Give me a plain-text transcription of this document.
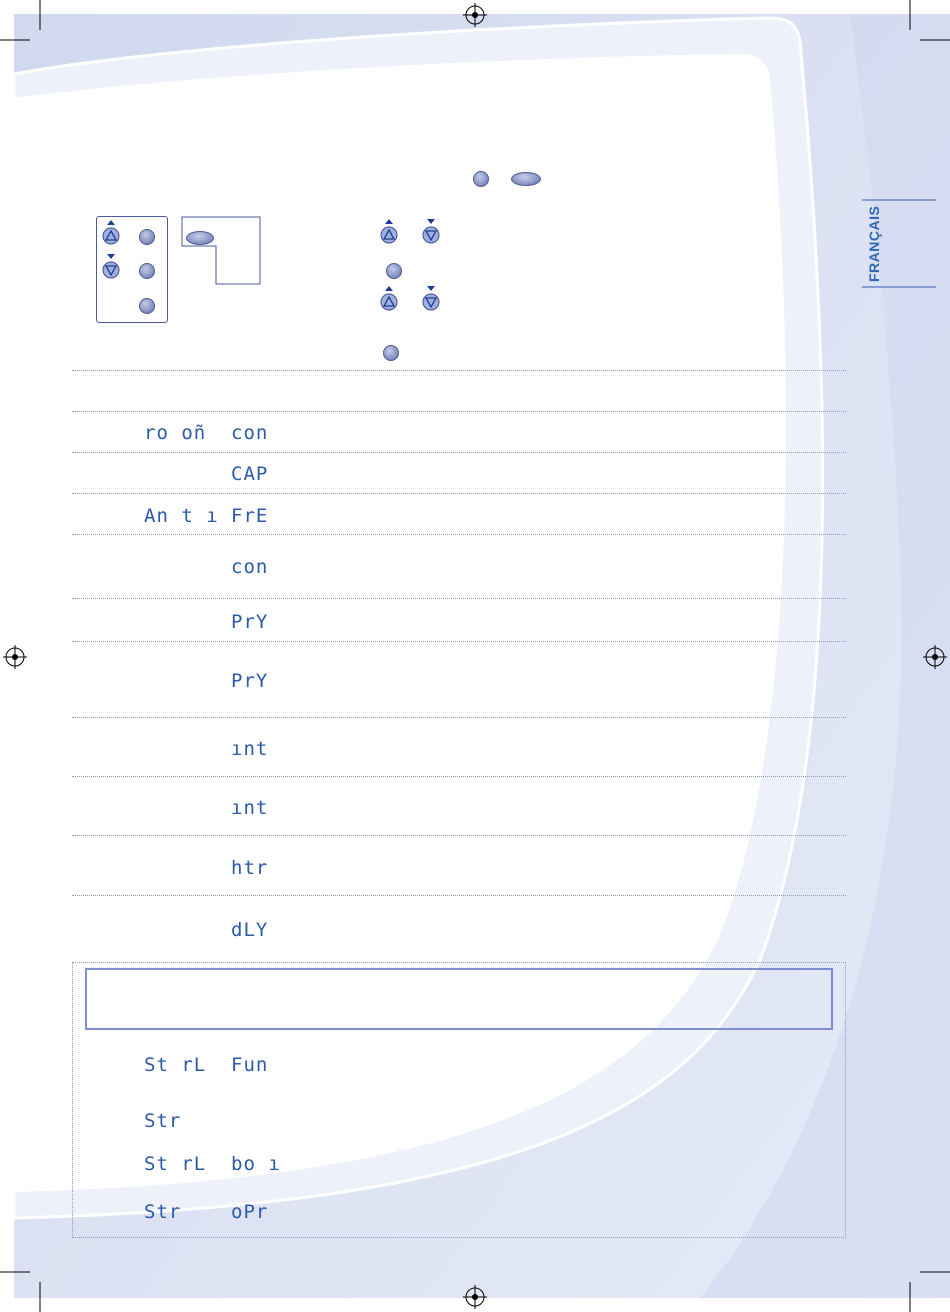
FRANÇAIS
ro oñ con
CAP
An t ı FrE
con
PrY
PrY
ınt
ınt
htr
dLY
St rL Fun
Str
St rL bo ı
Str	oPr
